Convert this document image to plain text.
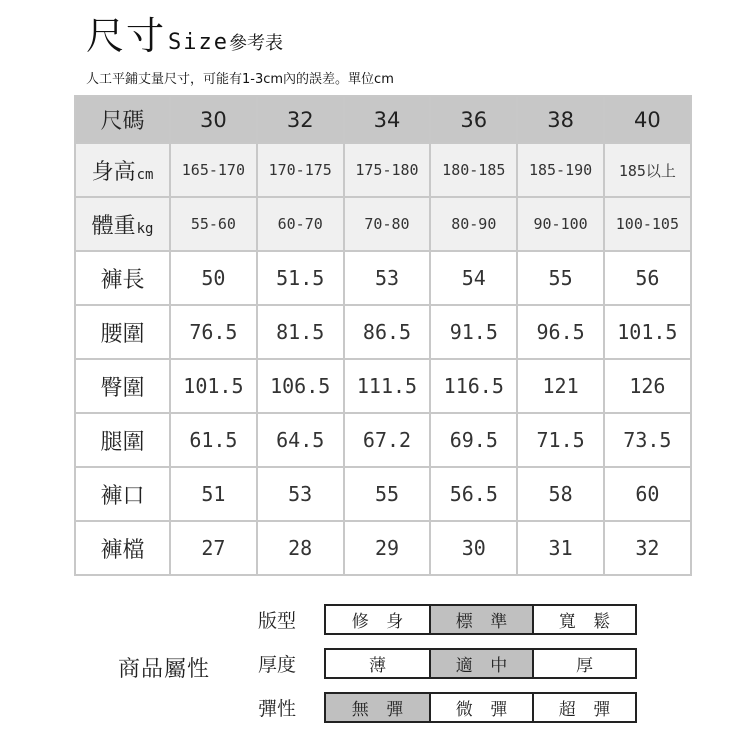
尺寸 Size 參考表
人工平鋪丈量尺寸，可能有1-3cm內的誤差。單位cm
尺碼	30	32	34	36	38	40
身高cm	165-170	170-175	175-180	180-185	185-190	185以上
體重kg	55-60	60-70	70-80	80-90	90-100	100-105
褲長	50	51.5	53	54	55	56
腰圍	76.5	81.5	86.5	91.5	96.5	101.5
臀圍	101.5	106.5	111.5	116.5	121	126
腿圍	61.5	64.5	67.2	69.5	71.5	73.5
褲口	51	53	55	56.5	58	60
褲檔	27	28	29	30	31	32
商品屬性
版型	修 身	標 準	寬 鬆
厚度	薄	適 中	厚
彈性	無 彈	微 彈	超 彈
